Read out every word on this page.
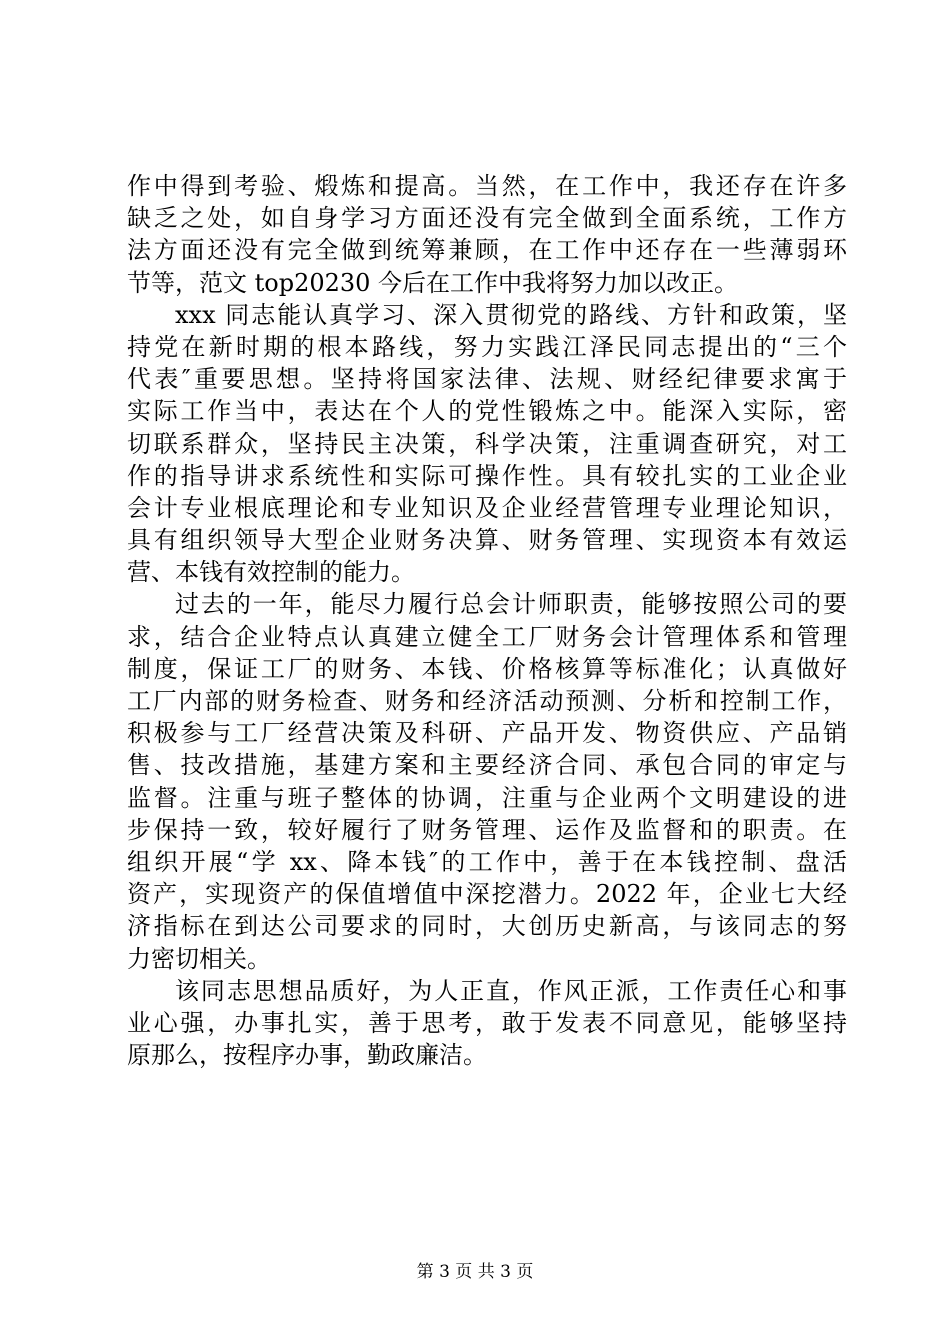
作中得到考验、煅炼和提高。当然，在工作中，我还存在许多
缺乏之处，如自身学习方面还没有完全做到全面系统，工作方
法方面还没有完全做到统筹兼顾，在工作中还存在一些薄弱环
节等，范文 top20230 今后在工作中我将努力加以改正。
xxx 同志能认真学习、深入贯彻党的路线、方针和政策，坚
持党在新时期的根本路线，努力实践江泽民同志提出的“三个
代表″重要思想。坚持将国家法律、法规、财经纪律要求寓于
实际工作当中，表达在个人的党性锻炼之中。能深入实际，密
切联系群众，坚持民主决策，科学决策，注重调查研究，对工
作的指导讲求系统性和实际可操作性。具有较扎实的工业企业
会计专业根底理论和专业知识及企业经营管理专业理论知识，
具有组织领导大型企业财务决算、财务管理、实现资本有效运
营、本钱有效控制的能力。
过去的一年，能尽力履行总会计师职责，能够按照公司的要
求，结合企业特点认真建立健全工厂财务会计管理体系和管理
制度，保证工厂的财务、本钱、价格核算等标准化；认真做好
工厂内部的财务检查、财务和经济活动预测、分析和控制工作，
积极参与工厂经营决策及科研、产品开发、物资供应、产品销
售、技改措施，基建方案和主要经济合同、承包合同的审定与
监督。注重与班子整体的协调，注重与企业两个文明建设的进
步保持一致，较好履行了财务管理、运作及监督和的职责。在
组织开展“学 xx、降本钱″的工作中，善于在本钱控制、盘活
资产，实现资产的保值增值中深挖潜力。2022 年，企业七大经
济指标在到达公司要求的同时，大创历史新高，与该同志的努
力密切相关。
该同志思想品质好，为人正直，作风正派，工作责任心和事
业心强，办事扎实，善于思考，敢于发表不同意见，能够坚持
原那么，按程序办事，勤政廉洁。
第 3 页 共 3 页
